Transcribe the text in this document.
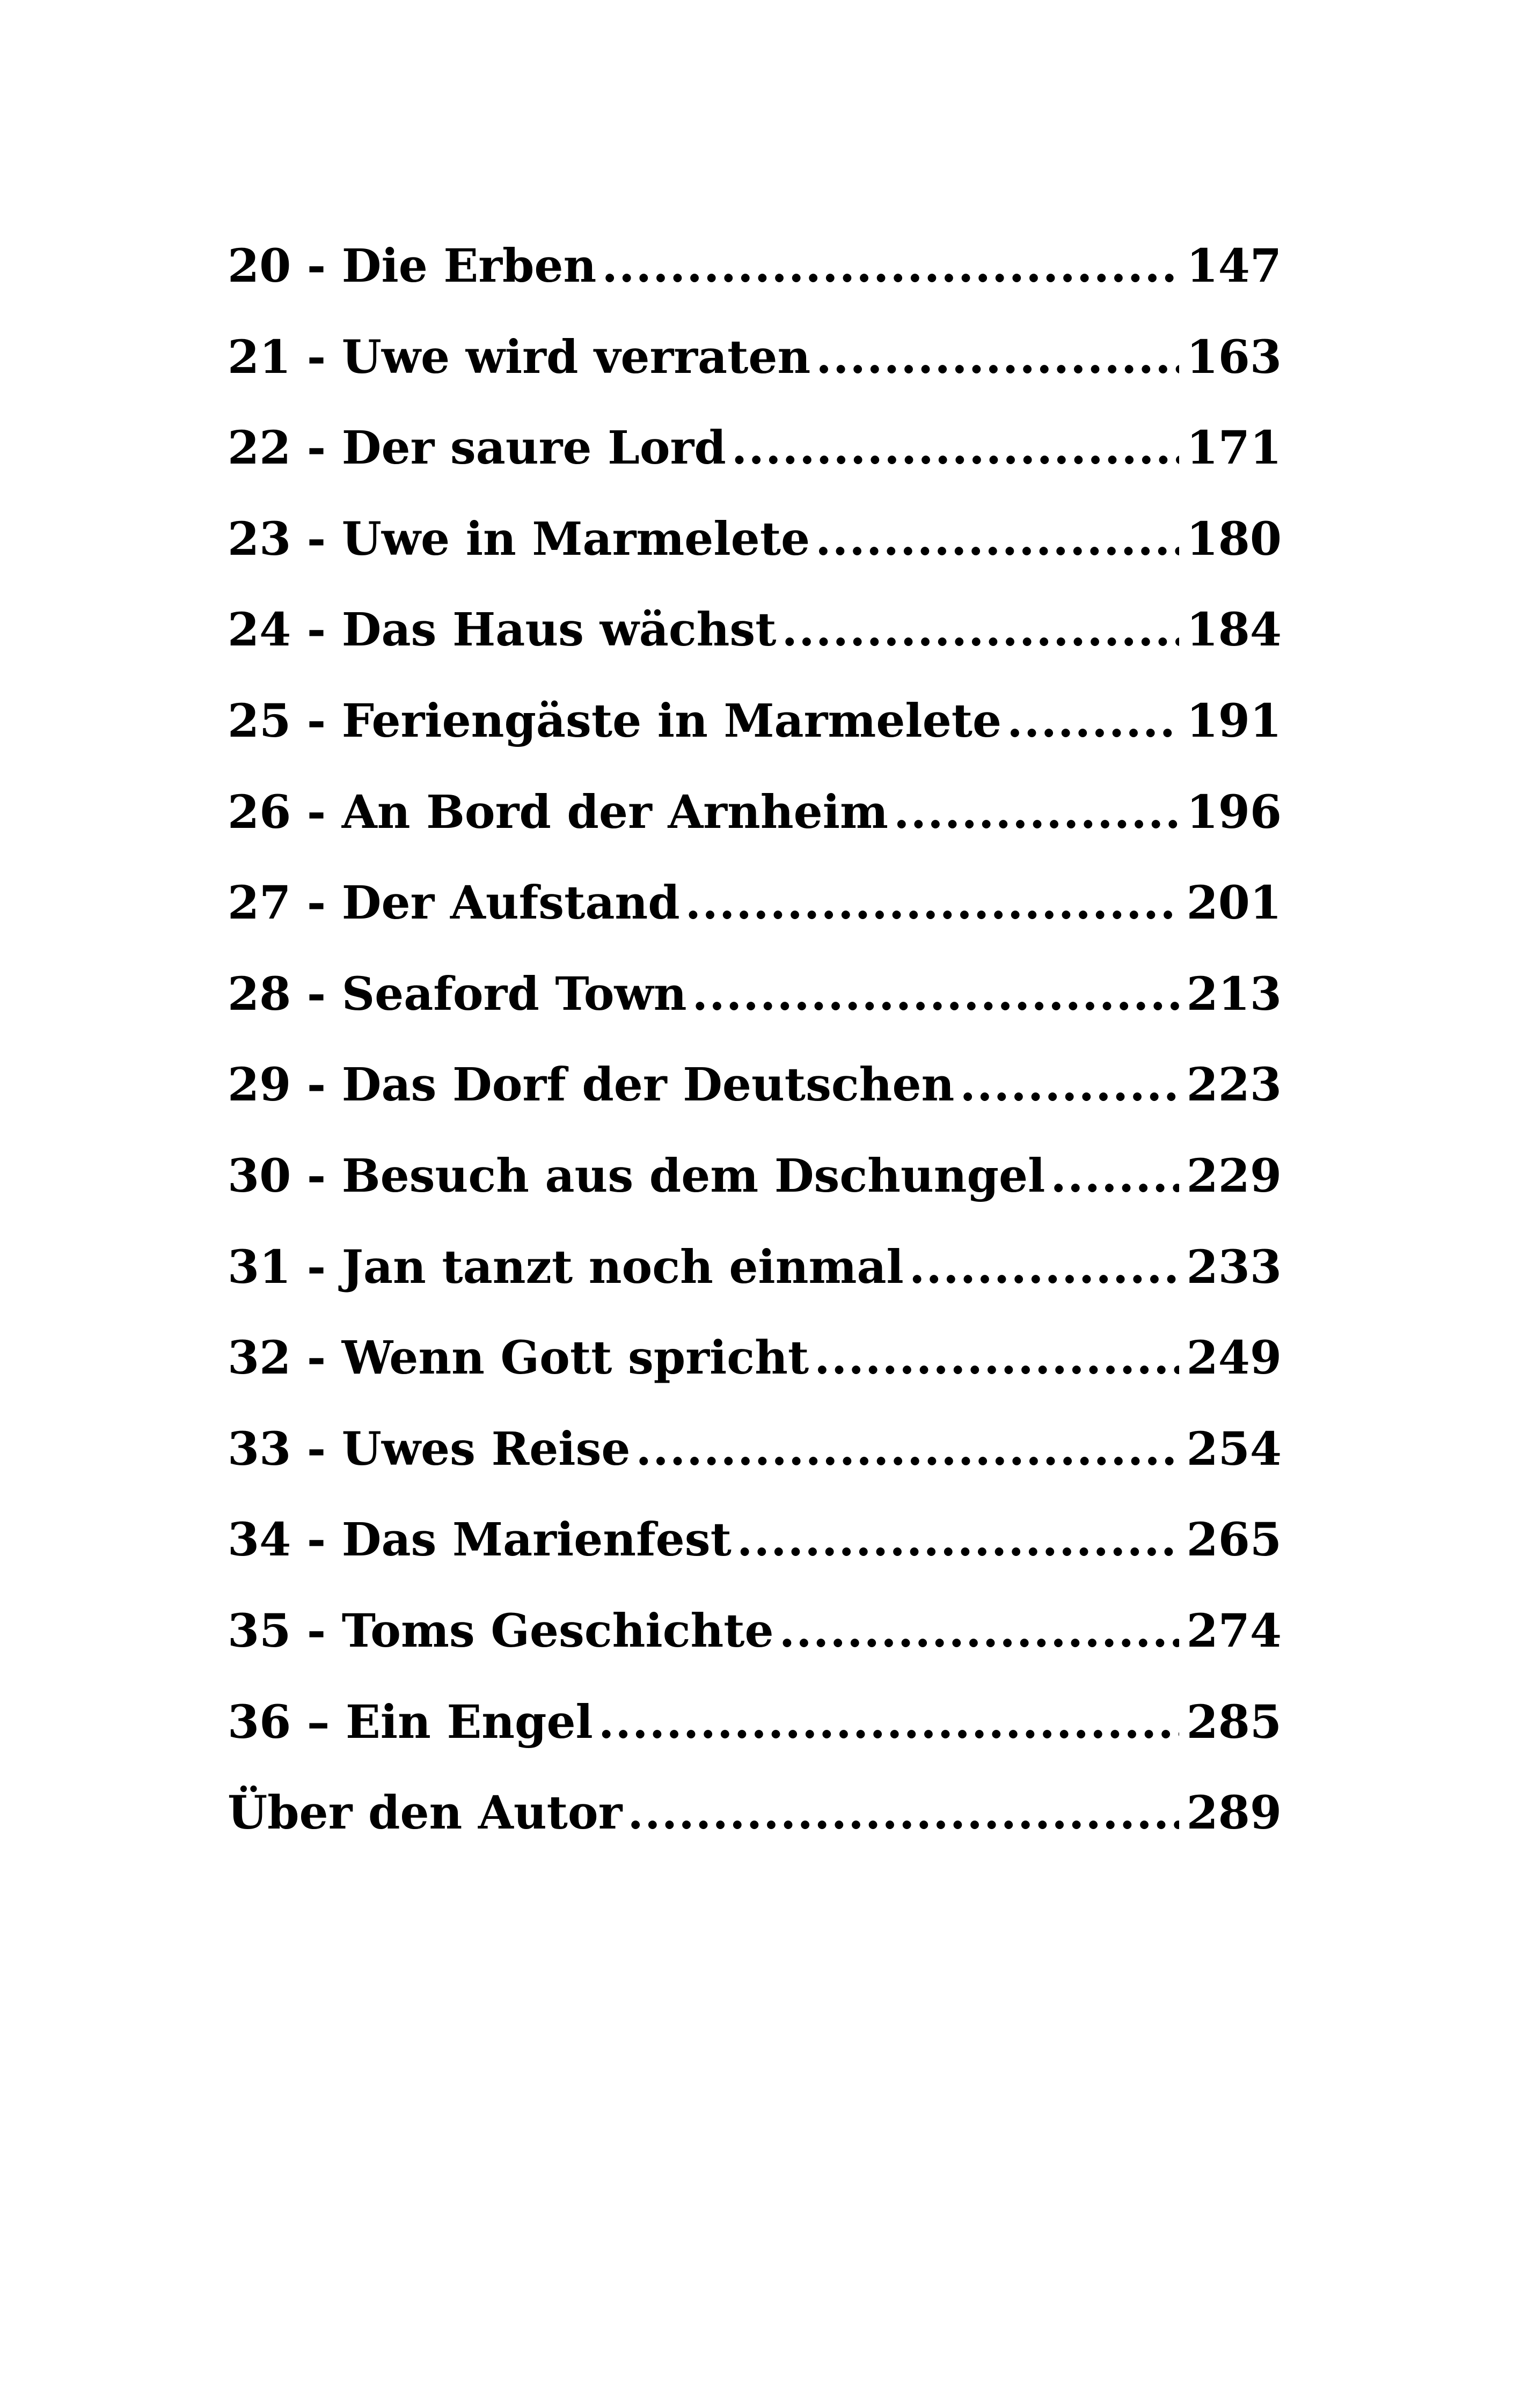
20 - Die Erben .....	147
21 - Uwe wird verraten .....	163
22 - Der saure Lord .....	171
23 - Uwe in Marmelete .....	180
24 - Das Haus wächst .....	184
25 - Feriengäste in Marmelete .....	191
26 - An Bord der Arnheim .....	196
27 - Der Aufstand .....	201
28 - Seaford Town .....	213
29 - Das Dorf der Deutschen .....	223
30 - Besuch aus dem Dschungel .....	229
31 - Jan tanzt noch einmal .....	233
32 - Wenn Gott spricht .....	249
33 - Uwes Reise .....	254
34 - Das Marienfest .....	265
35 - Toms Geschichte .....	274
36 – Ein Engel .....	285
Über den Autor .....	289
